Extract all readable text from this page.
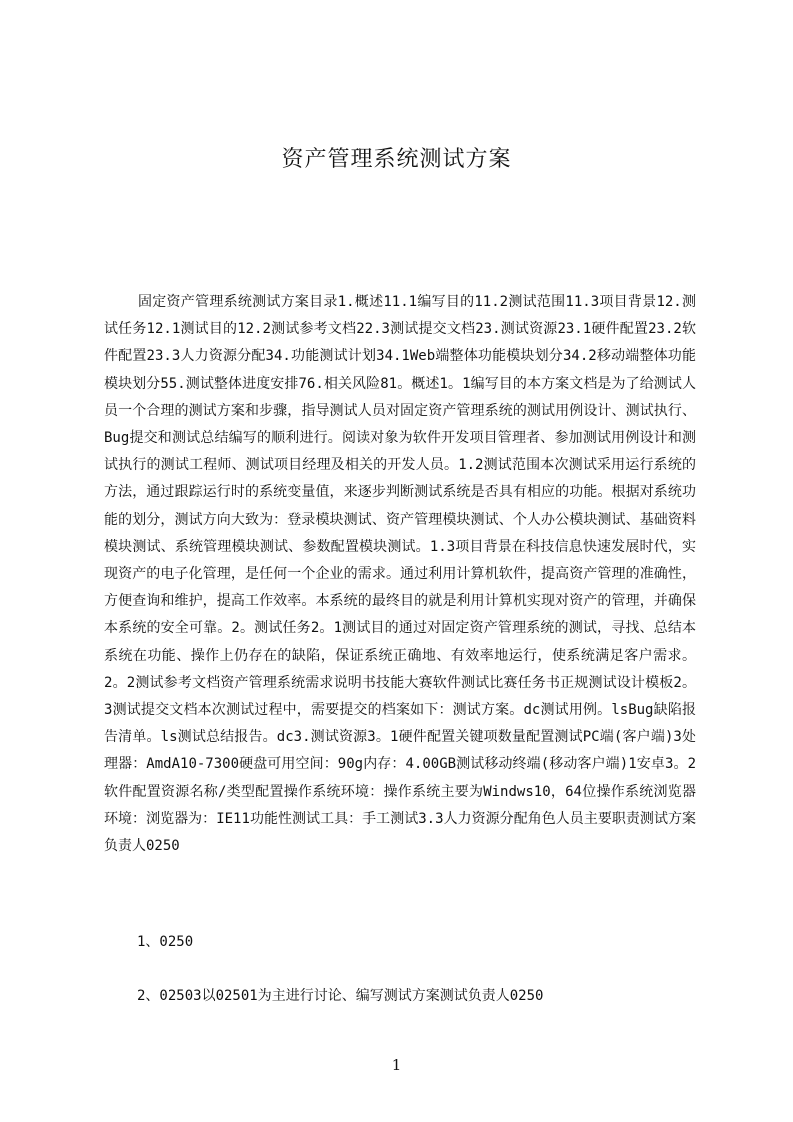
资产管理系统测试方案
固定资产管理系统测试方案目录1.概述11.1编写目的11.2测试范围11.3项目背景12.测试任务12.1测试目的12.2测试参考文档22.3测试提交文档23.测试资源23.1硬件配置23.2软件配置23.3人力资源分配34.功能测试计划34.1Web端整体功能模块划分34.2移动端整体功能模块划分55.测试整体进度安排76.相关风险81。概述1。1编写目的本方案文档是为了给测试人员一个合理的测试方案和步骤，指导测试人员对固定资产管理系统的测试用例设计、测试执行、Bug提交和测试总结编写的顺利进行。阅读对象为软件开发项目管理者、参加测试用例设计和测试执行的测试工程师、测试项目经理及相关的开发人员。1.2测试范围本次测试采用运行系统的方法，通过跟踪运行时的系统变量值，来逐步判断测试系统是否具有相应的功能。根据对系统功能的划分，测试方向大致为：登录模块测试、资产管理模块测试、个人办公模块测试、基础资料模块测试、系统管理模块测试、参数配置模块测试。1.3项目背景在科技信息快速发展时代，实现资产的电子化管理，是任何一个企业的需求。通过利用计算机软件，提高资产管理的准确性，方便查询和维护，提高工作效率。本系统的最终目的就是利用计算机实现对资产的管理，并确保本系统的安全可靠。2。测试任务2。1测试目的通过对固定资产管理系统的测试，寻找、总结本系统在功能、操作上仍存在的缺陷，保证系统正确地、有效率地运行，使系统满足客户需求。2。2测试参考文档资产管理系统需求说明书技能大赛软件测试比赛任务书正规测试设计模板2。3测试提交文档本次测试过程中，需要提交的档案如下：测试方案。dc测试用例。lsBug缺陷报告清单。ls测试总结报告。dc3.测试资源3。1硬件配置关键项数量配置测试PC端(客户端)3处理器：AmdA10-7300硬盘可用空间：90g内存：4.00GB测试移动终端(移动客户端)1安卓3。2软件配置资源名称/类型配置操作系统环境：操作系统主要为Windws10，64位操作系统浏览器环境：浏览器为：IE11功能性测试工具：手工测试3.3人力资源分配角色人员主要职责测试方案负责人0250
1、0250
2、02503以02501为主进行讨论、编写测试方案测试负责人0250
1
